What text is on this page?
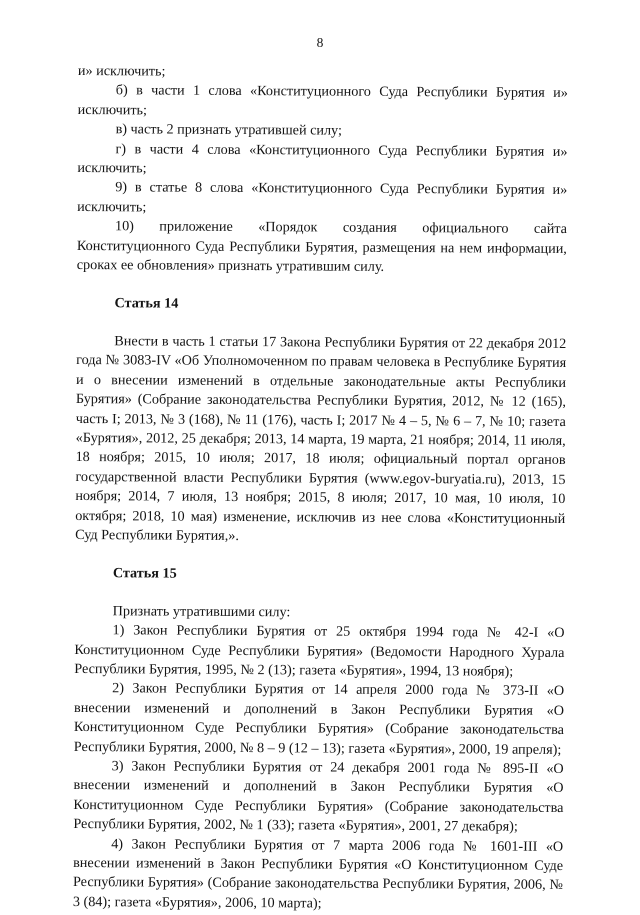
8

и» исключить;

б) в части 1 слова «Конституционного Суда Республики Бурятия и» исключить;

в) часть 2 признать утратившей силу;

г) в части 4 слова «Конституционного Суда Республики Бурятия и» исключить;

9) в статье 8 слова «Конституционного Суда Республики Бурятия и» исключить;

10) приложение «Порядок создания официального сайта Конституционного Суда Республики Бурятия, размещения на нем информации, сроках ее обновления» признать утратившим силу.

Статья 14

Внести в часть 1 статьи 17 Закона Республики Бурятия от 22 декабря 2012 года № 3083-IV «Об Уполномоченном по правам человека в Республике Бурятия и о внесении изменений в отдельные законодательные акты Республики Бурятия» (Собрание законодательства Республики Бурятия, 2012, № 12 (165), часть I; 2013, № 3 (168), № 11 (176), часть I; 2017 № 4 – 5, № 6 – 7, № 10; газета «Бурятия», 2012, 25 декабря; 2013, 14 марта, 19 марта, 21 ноября; 2014, 11 июля, 18 ноября; 2015, 10 июля; 2017, 18 июля; официальный портал органов государственной власти Республики Бурятия (www.egov-buryatia.ru), 2013, 15 ноября; 2014, 7 июля, 13 ноября; 2015, 8 июля; 2017, 10 мая, 10 июля, 10 октября; 2018, 10 мая) изменение, исключив из нее слова «Конституционный Суд Республики Бурятия,».

Статья 15

Признать утратившими силу:

1) Закон Республики Бурятия от 25 октября 1994 года № 42-I «О Конституционном Суде Республики Бурятия» (Ведомости Народного Хурала Республики Бурятия, 1995, № 2 (13); газета «Бурятия», 1994, 13 ноября);

2) Закон Республики Бурятия от 14 апреля 2000 года № 373-II «О внесении изменений и дополнений в Закон Республики Бурятия «О Конституционном Суде Республики Бурятия» (Собрание законодательства Республики Бурятия, 2000, № 8 – 9 (12 – 13); газета «Бурятия», 2000, 19 апреля);

3) Закон Республики Бурятия от 24 декабря 2001 года № 895-II «О внесении изменений и дополнений в Закон Республики Бурятия «О Конституционном Суде Республики Бурятия» (Собрание законодательства Республики Бурятия, 2002, № 1 (33); газета «Бурятия», 2001, 27 декабря);

4) Закон Республики Бурятия от 7 марта 2006 года № 1601-III «О внесении изменений в Закон Республики Бурятия «О Конституционном Суде Республики Бурятия» (Собрание законодательства Республики Бурятия, 2006, № 3 (84); газета «Бурятия», 2006, 10 марта);
